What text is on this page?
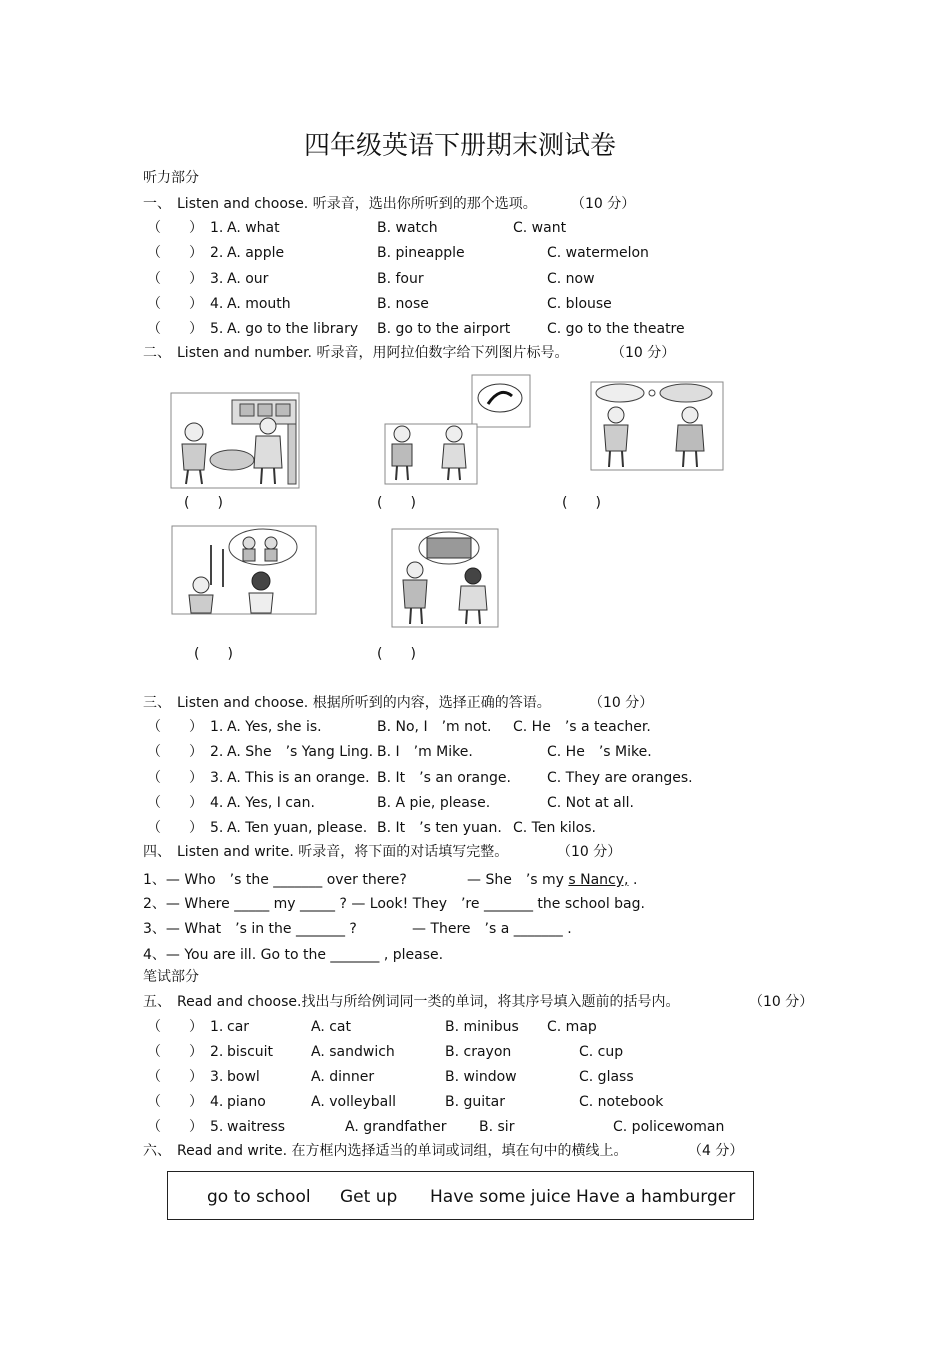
四年级英语下册期末测试卷
听力部分
一、 Listen and choose. 听录音，选出你所听到的那个选项。 （10 分）
（　　） 1. A. what	B. watch	C. want
（　　） 2. A. apple	B. pineapple	C. watermelon
（　　） 3. A. our	B. four	C. now
（　　） 4. A. mouth	B. nose	C. blouse
（　　） 5. A. go to the library B. go to the airport	C. go to the theatre
二、 Listen and number. 听录音，用阿拉伯数字给下列图片标号。	（10 分）
(　　)	(　　)	(　　)
(　　)	(　　)
三、 Listen and choose. 根据所听到的内容，选择正确的答语。	（10 分）
（　　） 1. A. Yes, she is.	B. No, I　’m not. C. He　’s a teacher.
（　　） 2. A. She　’s Yang Ling. B. I　’m Mike.	C. He　’s Mike.
（　　） 3. A. This is an orange. B. It　’s an orange.	C. They are oranges.
（　　） 4. A. Yes, I can.	B. A pie, please.	C. Not at all.
（　　） 5. A. Ten yuan, please. B. It　’s ten yuan. C. Ten kilos.
四、 Listen and write. 听录音，将下面的对话填写完整。	（10 分）
1、— Who　’s the _______ over there?	— She　’s my s Nancy, .
2、— Where _____ my _____ ? — Look! They　’re _______ the school bag.
3、— What　’s in the _______ ?	— There　’s a _______ .
4、— You are ill. Go to the _______ , please.
笔试部分
五、 Read and choose.找出与所给例词同一类的单词，将其序号填入题前的括号内。	（10 分）
（　　） 1. car	A. cat	B. minibus C. map
（　　） 2. biscuit	A. sandwich	B. crayon	C. cup
（　　） 3. bowl	A. dinner	B. window	C. glass
（　　） 4. piano	A. volleyball	B. guitar	C. notebook
（　　） 5. waitress	A. grandfather B. sir	C. policewoman
六、 Read and write. 在方框内选择适当的单词或词组，填在句中的横线上。	（4 分）
go to school Get up Have some juice Have a hamburger
